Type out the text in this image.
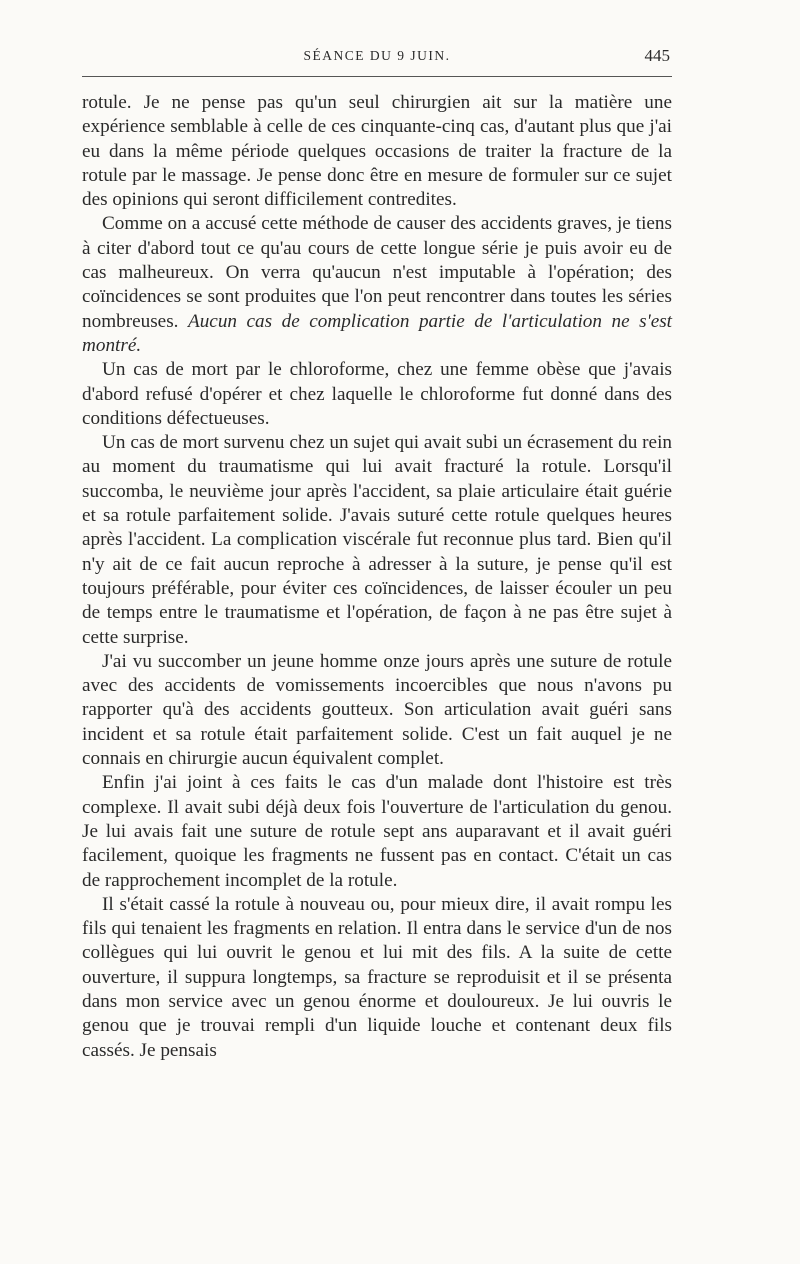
SÉANCE DU 9 JUIN.	445

rotule. Je ne pense pas qu'un seul chirurgien ait sur la matière une expérience semblable à celle de ces cinquante-cinq cas, d'autant plus que j'ai eu dans la même période quelques occasions de traiter la fracture de la rotule par le massage. Je pense donc être en mesure de formuler sur ce sujet des opinions qui seront difficilement contredites.

Comme on a accusé cette méthode de causer des accidents graves, je tiens à citer d'abord tout ce qu'au cours de cette longue série je puis avoir eu de cas malheureux. On verra qu'aucun n'est imputable à l'opération; des coïncidences se sont produites que l'on peut rencontrer dans toutes les séries nombreuses. Aucun cas de complication partie de l'articulation ne s'est montré.

Un cas de mort par le chloroforme, chez une femme obèse que j'avais d'abord refusé d'opérer et chez laquelle le chloroforme fut donné dans des conditions défectueuses.

Un cas de mort survenu chez un sujet qui avait subi un écrasement du rein au moment du traumatisme qui lui avait fracturé la rotule. Lorsqu'il succomba, le neuvième jour après l'accident, sa plaie articulaire était guérie et sa rotule parfaitement solide. J'avais suturé cette rotule quelques heures après l'accident. La complication viscérale fut reconnue plus tard. Bien qu'il n'y ait de ce fait aucun reproche à adresser à la suture, je pense qu'il est toujours préférable, pour éviter ces coïncidences, de laisser écouler un peu de temps entre le traumatisme et l'opération, de façon à ne pas être sujet à cette surprise.

J'ai vu succomber un jeune homme onze jours après une suture de rotule avec des accidents de vomissements incoercibles que nous n'avons pu rapporter qu'à des accidents goutteux. Son articulation avait guéri sans incident et sa rotule était parfaitement solide. C'est un fait auquel je ne connais en chirurgie aucun équivalent complet.

Enfin j'ai joint à ces faits le cas d'un malade dont l'histoire est très complexe. Il avait subi déjà deux fois l'ouverture de l'articulation du genou. Je lui avais fait une suture de rotule sept ans auparavant et il avait guéri facilement, quoique les fragments ne fussent pas en contact. C'était un cas de rapprochement incomplet de la rotule.

Il s'était cassé la rotule à nouveau ou, pour mieux dire, il avait rompu les fils qui tenaient les fragments en relation. Il entra dans le service d'un de nos collègues qui lui ouvrit le genou et lui mit des fils. A la suite de cette ouverture, il suppura longtemps, sa fracture se reproduisit et il se présenta dans mon service avec un genou énorme et douloureux. Je lui ouvris le genou que je trouvai rempli d'un liquide louche et contenant deux fils cassés. Je pensais
